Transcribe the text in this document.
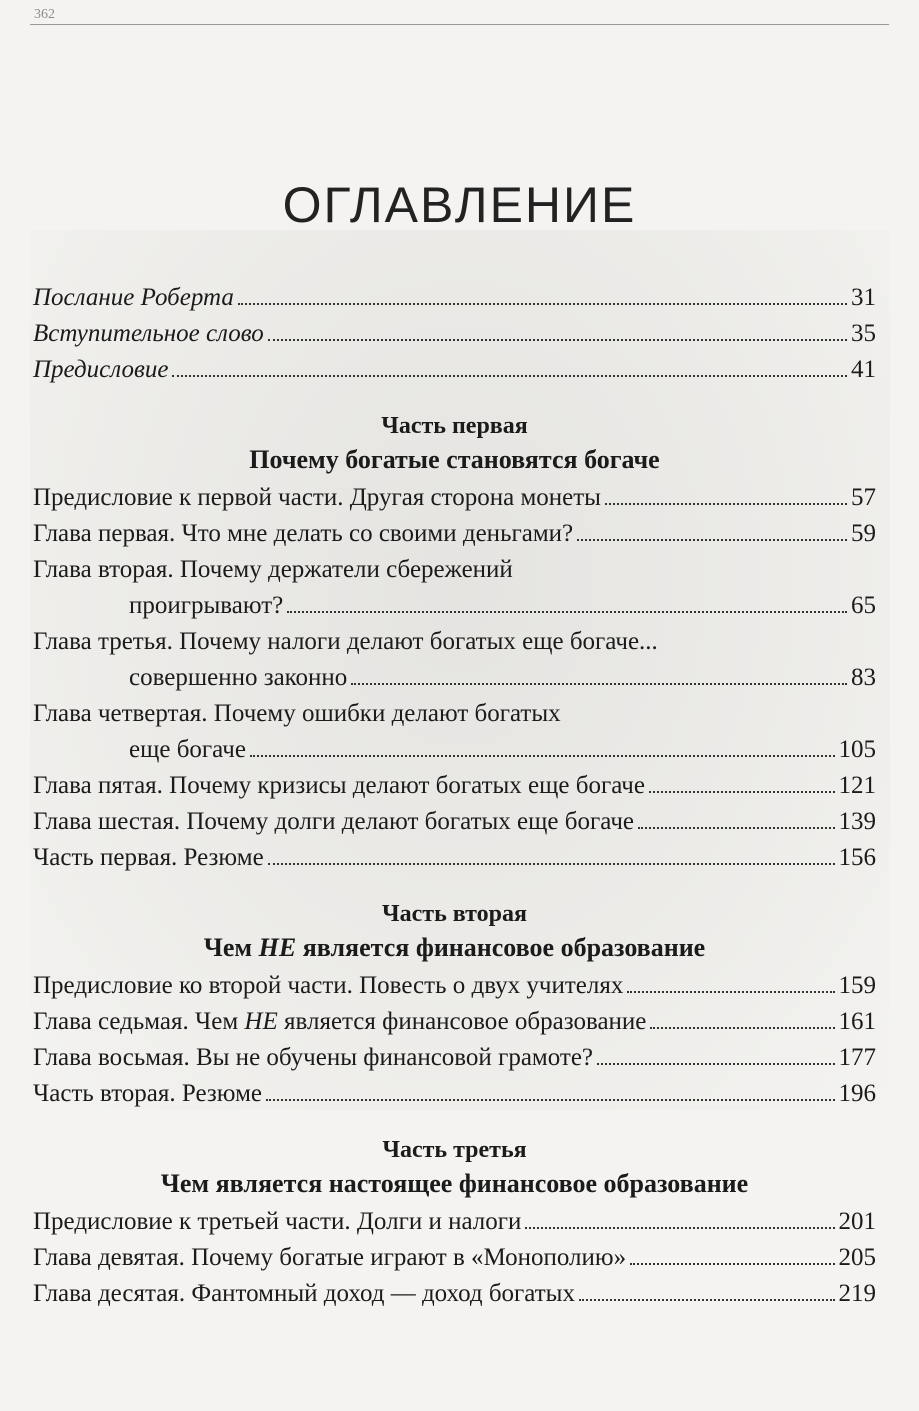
362
ОГЛАВЛЕНИЕ
Послание Роберта	31
Вступительное слово	35
Предисловие	41
Часть первая
Почему богатые становятся богаче
Предисловие к первой части. Другая сторона монеты	57
Глава первая. Что мне делать со своими деньгами?	59
Глава вторая. Почему держатели сбережений
проигрывают?	65
Глава третья. Почему налоги делают богатых еще богаче...
совершенно законно	83
Глава четвертая. Почему ошибки делают богатых
еще богаче	105
Глава пятая. Почему кризисы делают богатых еще богаче	121
Глава шестая. Почему долги делают богатых еще богаче	139
Часть первая. Резюме	156
Часть вторая
Чем НЕ является финансовое образование
Предисловие ко второй части. Повесть о двух учителях	159
Глава седьмая. Чем НЕ является финансовое образование	161
Глава восьмая. Вы не обучены финансовой грамоте?	177
Часть вторая. Резюме	196
Часть третья
Чем является настоящее финансовое образование
Предисловие к третьей части. Долги и налоги	201
Глава девятая. Почему богатые играют в «Монополию»	205
Глава десятая. Фантомный доход — доход богатых	219
